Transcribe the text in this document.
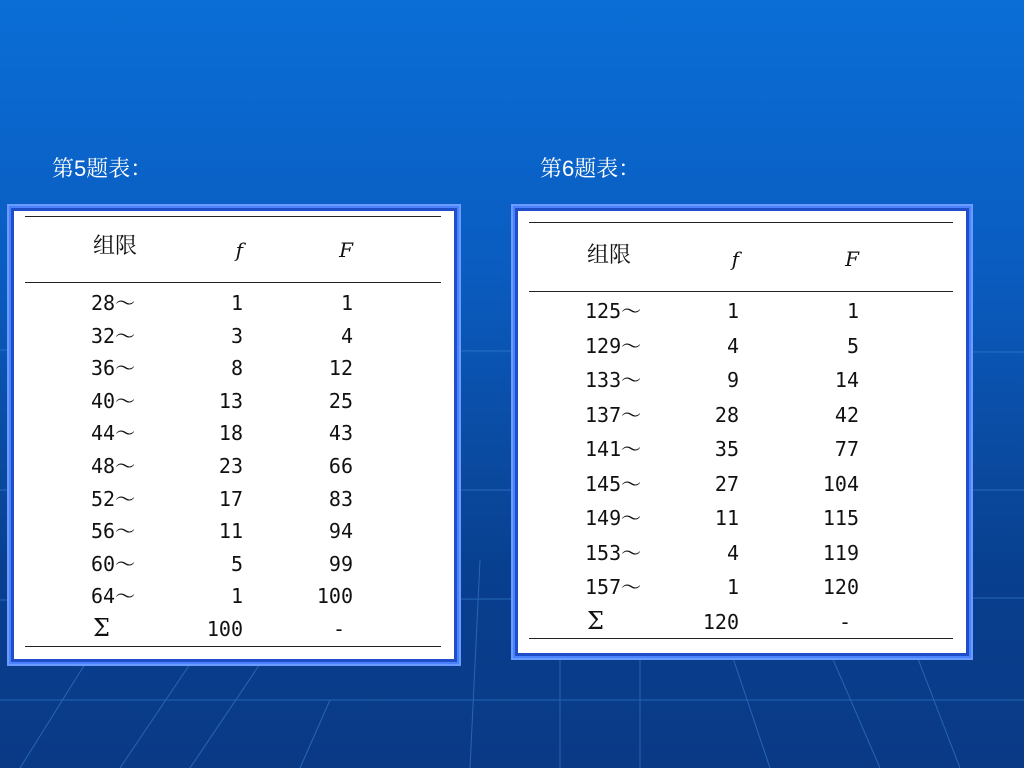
第5题表：	第6题表：
组限	f	F
28～	1	1
32～	3	4
36～	8	12
40～	13	25
44～	18	43
48～	23	66
52～	17	83
56～	11	94
60～	5	99
64～	1	100
Σ	100	-
组限	f	F
125～	1	1
129～	4	5
133～	9	14
137～	28	42
141～	35	77
145～	27	104
149～	11	115
153～	4	119
157～	1	120
Σ	120	-
